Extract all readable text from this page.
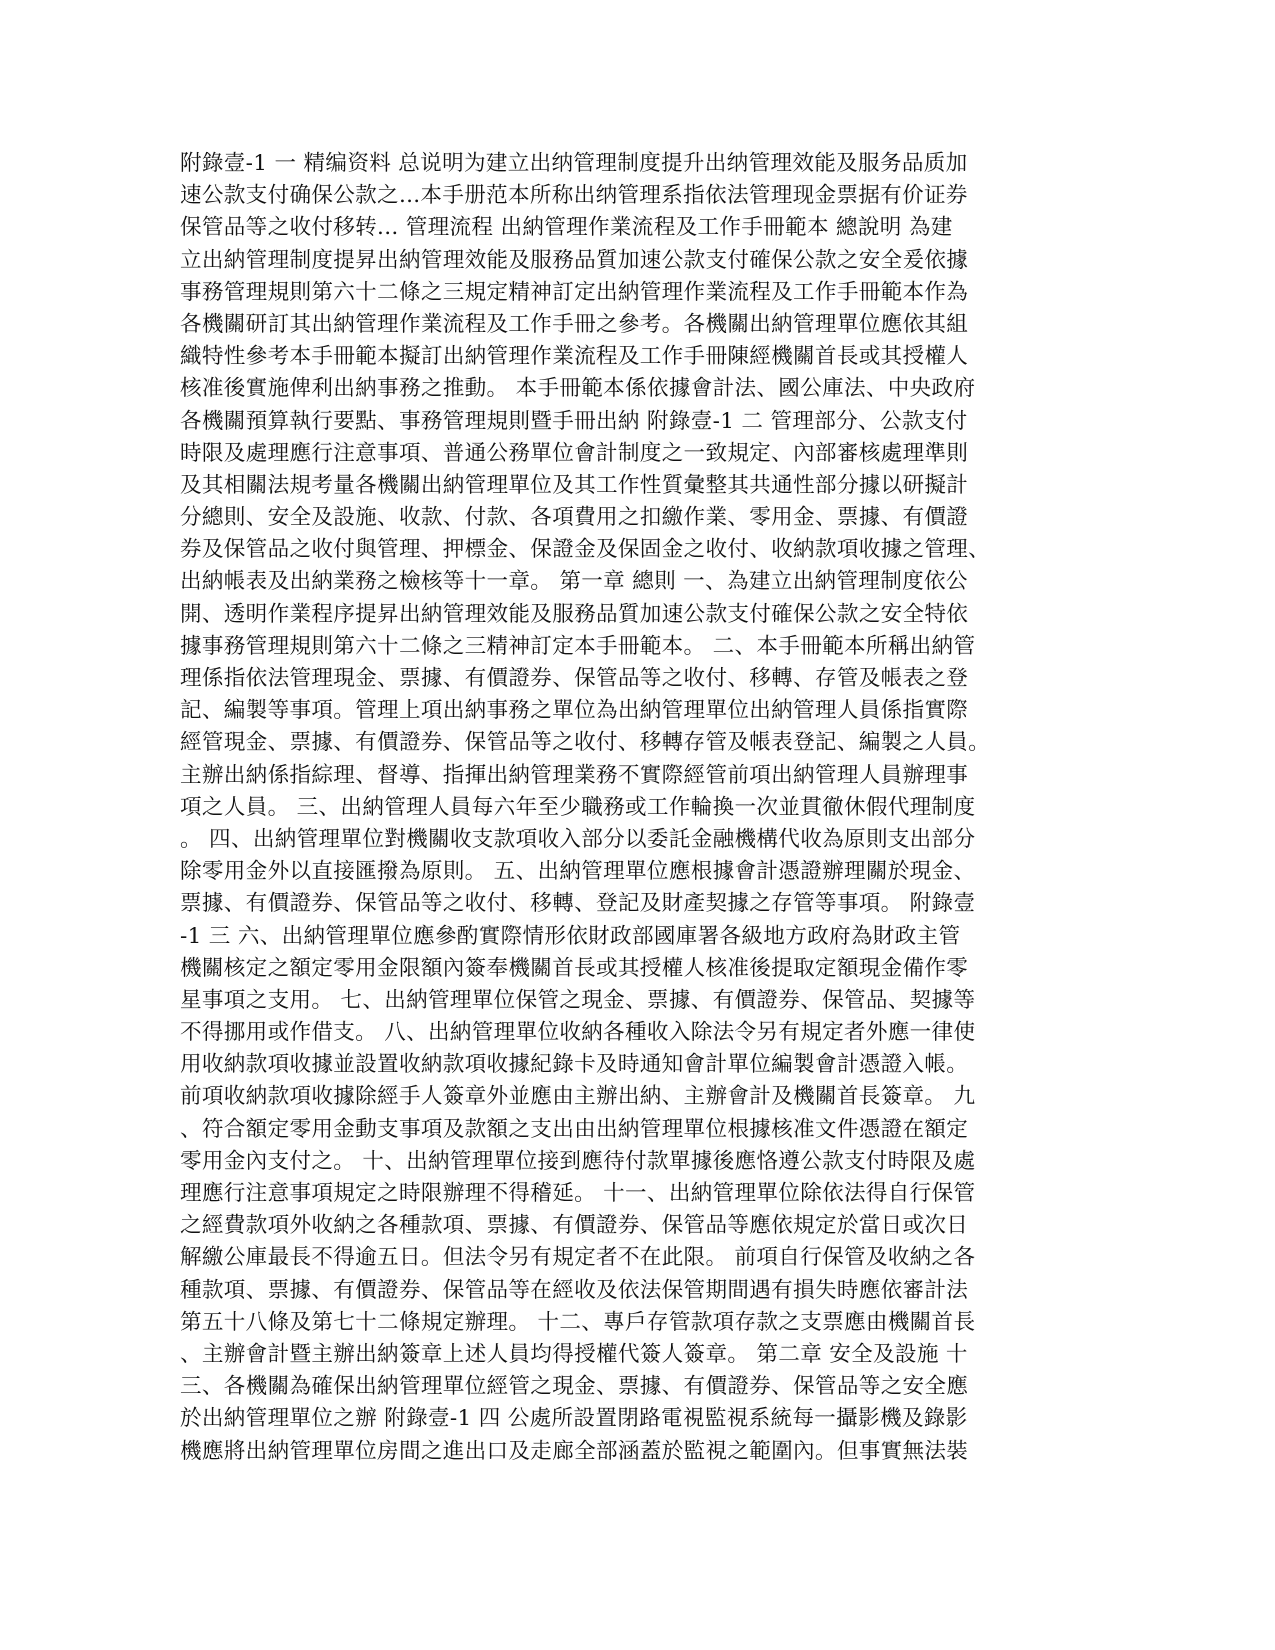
附錄壹-1 一 精编资料 总说明为建立出纳管理制度提升出纳管理效能及服务品质加
速公款支付确保公款之...本手册范本所称出纳管理系指依法管理现金票据有价证券
保管品等之收付移转... 管理流程 出納管理作業流程及工作手冊範本 總說明 為建
立出納管理制度提昇出納管理效能及服務品質加速公款支付確保公款之安全爰依據
事務管理規則第六十二條之三規定精神訂定出納管理作業流程及工作手冊範本作為
各機關研訂其出納管理作業流程及工作手冊之參考。各機關出納管理單位應依其組
織特性參考本手冊範本擬訂出納管理作業流程及工作手冊陳經機關首長或其授權人
核准後實施俾利出納事務之推動。 本手冊範本係依據會計法、國公庫法、中央政府
各機關預算執行要點、事務管理規則暨手冊出納 附錄壹-1 二 管理部分、公款支付
時限及處理應行注意事項、普通公務單位會計制度之一致規定、內部審核處理準則
及其相關法規考量各機關出納管理單位及其工作性質彙整其共通性部分據以研擬計
分總則、安全及設施、收款、付款、各項費用之扣繳作業、零用金、票據、有價證
券及保管品之收付與管理、押標金、保證金及保固金之收付、收納款項收據之管理、
出納帳表及出納業務之檢核等十一章。 第一章 總則 一、為建立出納管理制度依公
開、透明作業程序提昇出納管理效能及服務品質加速公款支付確保公款之安全特依
據事務管理規則第六十二條之三精神訂定本手冊範本。 二、本手冊範本所稱出納管
理係指依法管理現金、票據、有價證券、保管品等之收付、移轉、存管及帳表之登
記、編製等事項。管理上項出納事務之單位為出納管理單位出納管理人員係指實際
經管現金、票據、有價證券、保管品等之收付、移轉存管及帳表登記、編製之人員。
主辦出納係指綜理、督導、指揮出納管理業務不實際經管前項出納管理人員辦理事
項之人員。 三、出納管理人員每六年至少職務或工作輪換一次並貫徹休假代理制度
。 四、出納管理單位對機關收支款項收入部分以委託金融機構代收為原則支出部分
除零用金外以直接匯撥為原則。 五、出納管理單位應根據會計憑證辦理關於現金、
票據、有價證券、保管品等之收付、移轉、登記及財產契據之存管等事項。 附錄壹
-1 三 六、出納管理單位應參酌實際情形依財政部國庫署各級地方政府為財政主管
機關核定之額定零用金限額內簽奉機關首長或其授權人核准後提取定額現金備作零
星事項之支用。 七、出納管理單位保管之現金、票據、有價證券、保管品、契據等
不得挪用或作借支。 八、出納管理單位收納各種收入除法令另有規定者外應一律使
用收納款項收據並設置收納款項收據紀錄卡及時通知會計單位編製會計憑證入帳。
前項收納款項收據除經手人簽章外並應由主辦出納、主辦會計及機關首長簽章。 九
、符合額定零用金動支事項及款額之支出由出納管理單位根據核准文件憑證在額定
零用金內支付之。 十、出納管理單位接到應待付款單據後應恪遵公款支付時限及處
理應行注意事項規定之時限辦理不得稽延。 十一、出納管理單位除依法得自行保管
之經費款項外收納之各種款項、票據、有價證券、保管品等應依規定於當日或次日
解繳公庫最長不得逾五日。但法令另有規定者不在此限。 前項自行保管及收納之各
種款項、票據、有價證券、保管品等在經收及依法保管期間遇有損失時應依審計法
第五十八條及第七十二條規定辦理。 十二、專戶存管款項存款之支票應由機關首長
、主辦會計暨主辦出納簽章上述人員均得授權代簽人簽章。 第二章 安全及設施 十
三、各機關為確保出納管理單位經管之現金、票據、有價證券、保管品等之安全應
於出納管理單位之辦 附錄壹-1 四 公處所設置閉路電視監視系統每一攝影機及錄影
機應將出納管理單位房間之進出口及走廊全部涵蓋於監視之範圍內。但事實無法裝
